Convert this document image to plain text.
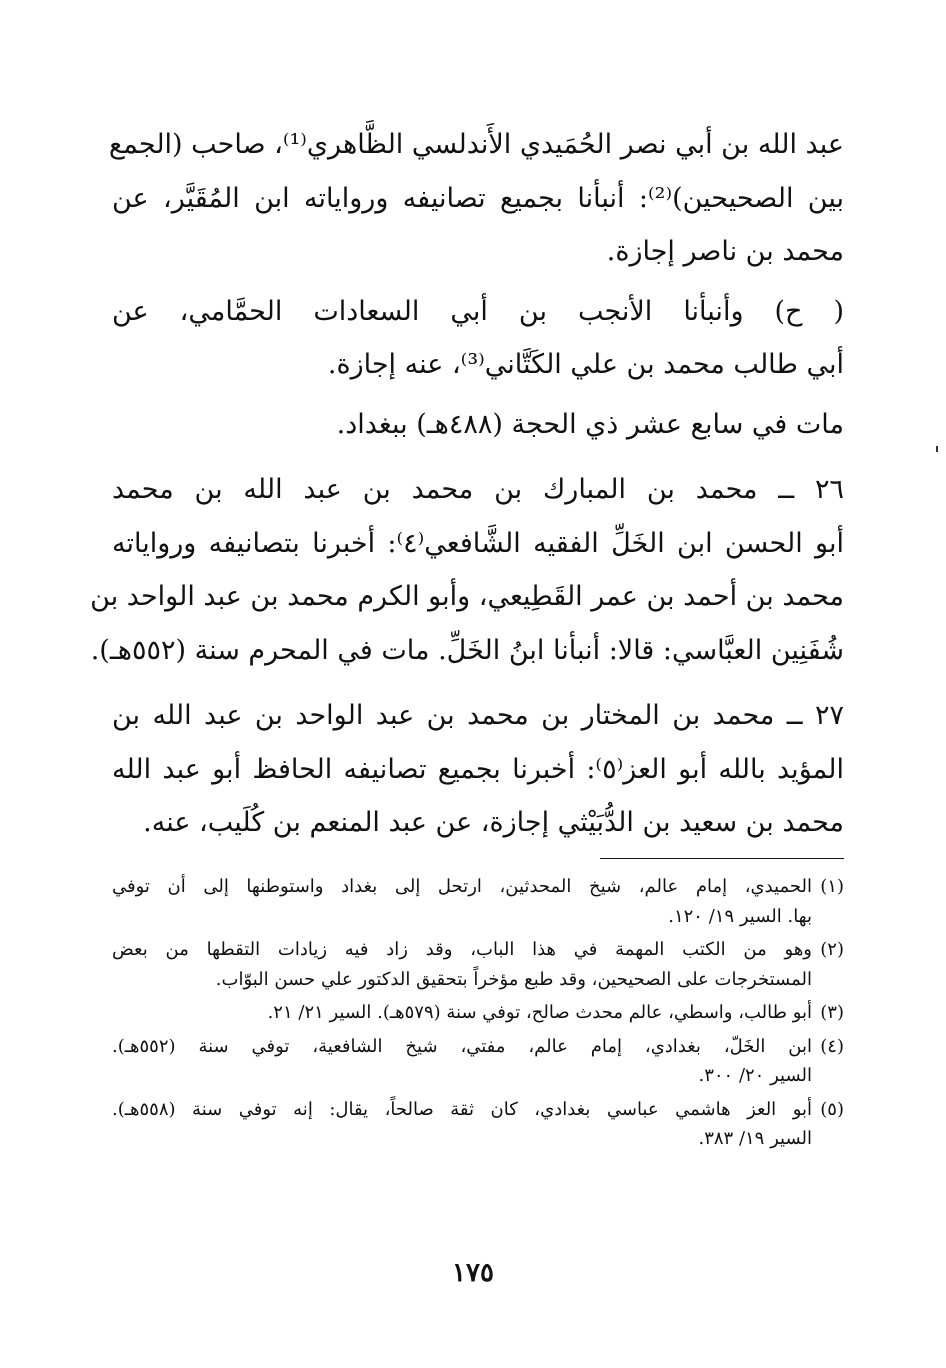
عبد الله بن أبي نصر الحُمَيدي الأَندلسي الظَّاهري⁽¹⁾، صاحب (الجمع
بين الصحيحين)⁽²⁾: أنبأنا بجميع تصانيفه ورواياته ابن المُقَيَّر، عن
محمد بن ناصر إجازة.

( ح) وأنبأنا الأنجب بن أبي السعادات الحمَّامي، عن
أبي طالب محمد بن علي الكَتَّاني⁽³⁾، عنه إجازة.

مات في سابع عشر ذي الحجة (٤٨٨هـ) ببغداد.

٢٦ ــ محمد بن المبارك بن محمد بن عبد الله بن محمد
أبو الحسن ابن الخَلِّ الفقيه الشَّافعي⁽٤⁾: أخبرنا بتصانيفه ورواياته
محمد بن أحمد بن عمر القَطِيعي، وأبو الكرم محمد بن عبد الواحد بن
شُفَنِين العبَّاسي: قالا: أنبأنا ابنُ الخَلِّ. مات في المحرم سنة (٥٥٢هـ).

٢٧ ــ محمد بن المختار بن محمد بن عبد الواحد بن عبد الله بن
المؤيد بالله أبو العز⁽٥⁾: أخبرنا بجميع تصانيفه الحافظ أبو عبد الله
محمد بن سعيد بن الدُّبَيْثي إجازة، عن عبد المنعم بن كُلَيب، عنه.

(١)
الحميدي، إمام عالم، شيخ المحدثين، ارتحل إلى بغداد واستوطنها إلى أن توفي
بها. السير ١٩/ ١٢٠.
(٢)
وهو من الكتب المهمة في هذا الباب، وقد زاد فيه زيادات التقطها من بعض
المستخرجات على الصحيحين، وقد طبع مؤخراً بتحقيق الدكتور علي حسن البوّاب.
(٣)
أبو طالب، واسطي، عالم محدث صالح، توفي سنة (٥٧٩هـ). السير ٢١/ ٢١.
(٤)
ابن الخَلّ، بغدادي، إمام عالم، مفتي، شيخ الشافعية، توفي سنة (٥٥٢هـ).
السير ٢٠/ ٣٠٠.
(٥)
أبو العز هاشمي عباسي بغدادي، كان ثقة صالحاً، يقال: إنه توفي سنة (٥٥٨هـ).
السير ١٩/ ٣٨٣.
١٧٥
